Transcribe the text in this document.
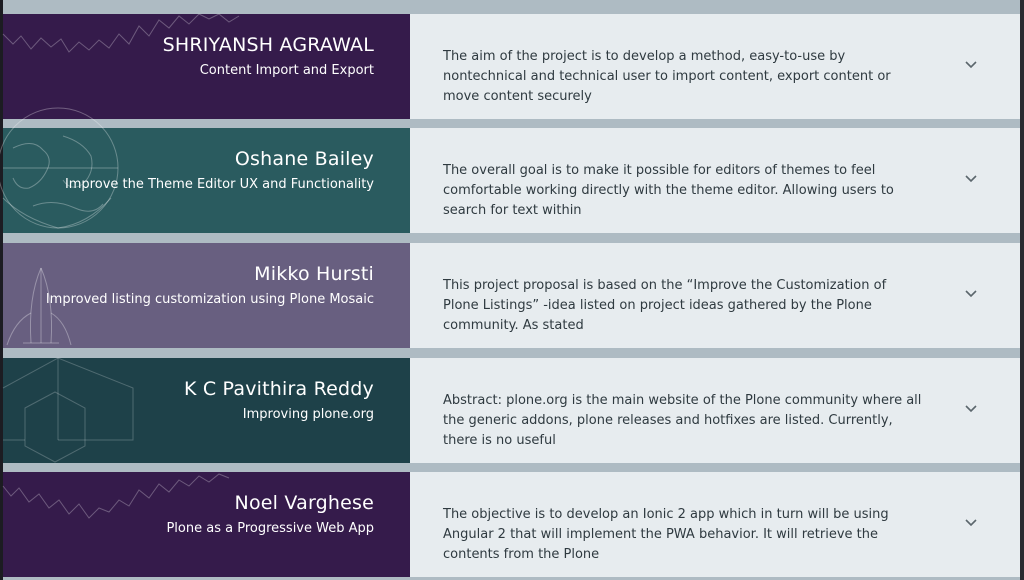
SHRIYANSH AGRAWAL
Content Import and Export
The aim of the project is to develop a method, easy-to-use by nontechnical and technical user to import content, export content or move content securely
Oshane Bailey
Improve the Theme Editor UX and Functionality
The overall goal is to make it possible for editors of themes to feel comfortable working directly with the theme editor. Allowing users to search for text within
Mikko Hursti
Improved listing customization using Plone Mosaic
This project proposal is based on the “Improve the Customization of Plone Listings” -idea listed on project ideas gathered by the Plone community. As stated
K C Pavithira Reddy
Improving plone.org
Abstract: plone.org is the main website of the Plone community where all the generic addons, plone releases and hotfixes are listed. Currently, there is no useful
Noel Varghese
Plone as a Progressive Web App
The objective is to develop an Ionic 2 app which in turn will be using Angular 2 that will implement the PWA behavior. It will retrieve the contents from the Plone
